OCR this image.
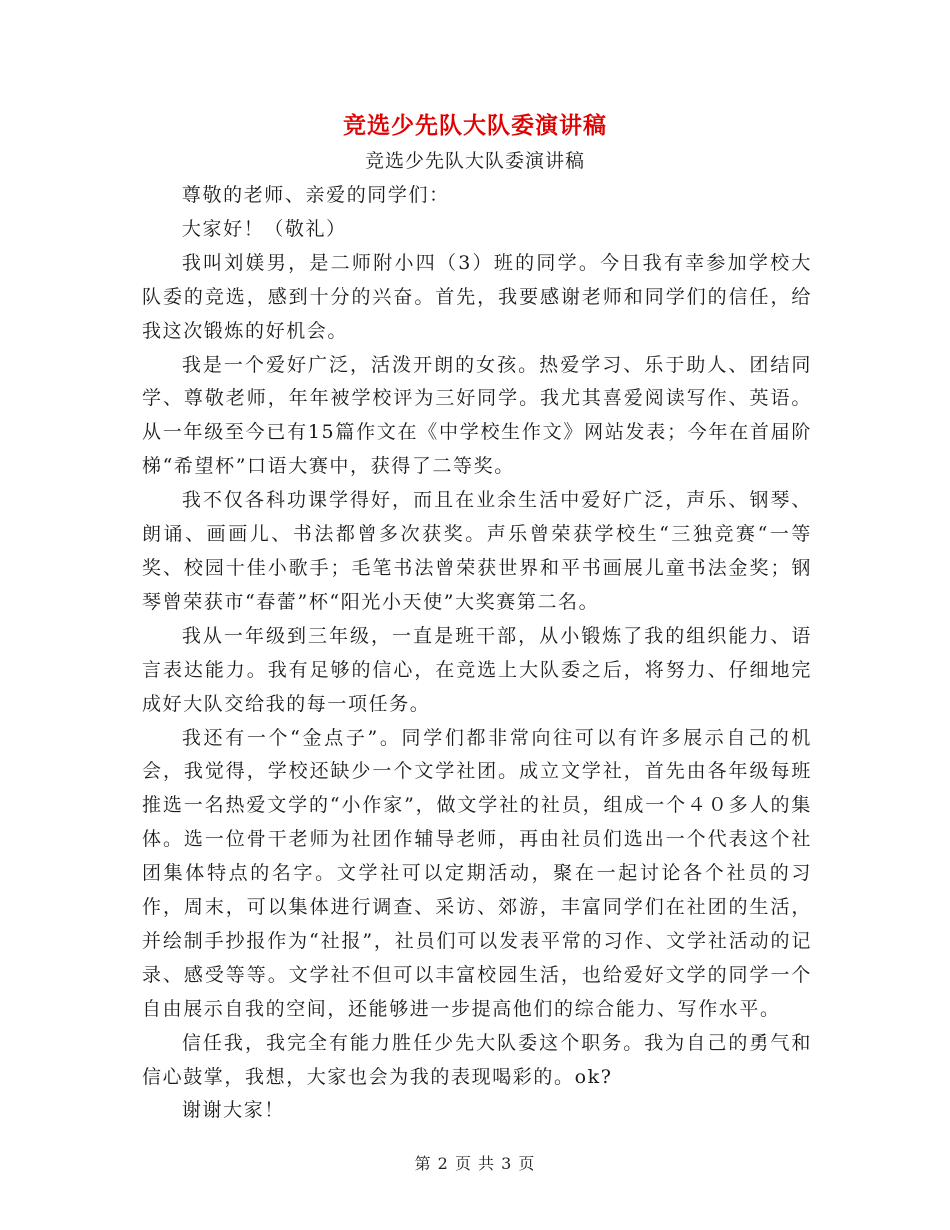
竞选少先队大队委演讲稿
竞选少先队大队委演讲稿

尊敬的老师、亲爱的同学们：

大家好！（敬礼）

我叫刘媄男，是二师附小四（3）班的同学。今日我有幸参加学校大队委的竞选，感到十分的兴奋。首先，我要感谢老师和同学们的信任，给我这次锻炼的好机会。

我是一个爱好广泛，活泼开朗的女孩。热爱学习、乐于助人、团结同学、尊敬老师，年年被学校评为三好同学。我尤其喜爱阅读写作、英语。从一年级至今已有15篇作文在《中学校生作文》网站发表；今年在首届阶梯“希望杯”口语大赛中，获得了二等奖。

我不仅各科功课学得好，而且在业余生活中爱好广泛，声乐、钢琴、朗诵、画画儿、书法都曾多次获奖。声乐曾荣获学校生“三独竞赛“一等奖、校园十佳小歌手；毛笔书法曾荣获世界和平书画展儿童书法金奖；钢琴曾荣获市“春蕾”杯“阳光小天使”大奖赛第二名。

我从一年级到三年级，一直是班干部，从小锻炼了我的组织能力、语言表达能力。我有足够的信心，在竞选上大队委之后，将努力、仔细地完成好大队交给我的每一项任务。

我还有一个“金点子”。同学们都非常向往可以有许多展示自己的机会，我觉得，学校还缺少一个文学社团。成立文学社，首先由各年级每班推选一名热爱文学的“小作家”，做文学社的社员，组成一个４０多人的集体。选一位骨干老师为社团作辅导老师，再由社员们选出一个代表这个社团集体特点的名字。文学社可以定期活动，聚在一起讨论各个社员的习作，周末，可以集体进行调查、采访、郊游，丰富同学们在社团的生活，并绘制手抄报作为“社报”，社员们可以发表平常的习作、文学社活动的记录、感受等等。文学社不但可以丰富校园生活，也给爱好文学的同学一个自由展示自我的空间，还能够进一步提高他们的综合能力、写作水平。

信任我，我完全有能力胜任少先大队委这个职务。我为自己的勇气和信心鼓掌，我想，大家也会为我的表现喝彩的。ok?

谢谢大家！

第 2 页 共 3 页
